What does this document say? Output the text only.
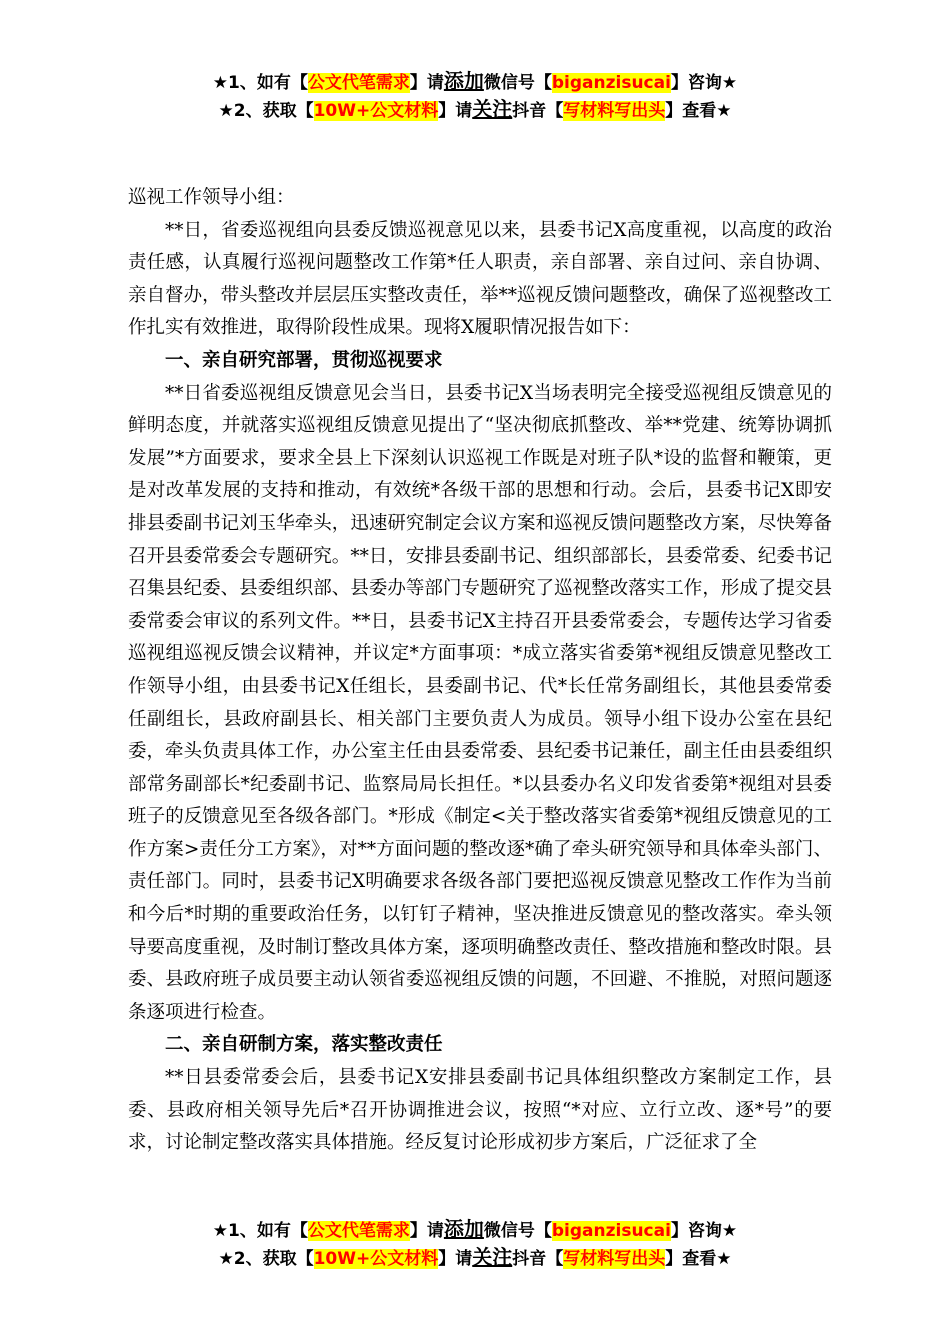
★1、如有【公文代笔需求】请添加微信号【biganzisucai】咨询★
★2、获取【10W+公文材料】请关注抖音【写材料写出头】查看★

巡视工作领导小组：

**日，省委巡视组向县委反馈巡视意见以来，县委书记X高度重视，以高度的政治责任感，认真履行巡视问题整改工作第*任人职责，亲自部署、亲自过问、亲自协调、亲自督办，带头整改并层层压实整改责任，举**巡视反馈问题整改，确保了巡视整改工作扎实有效推进，取得阶段性成果。现将X履职情况报告如下：

一、亲自研究部署，贯彻巡视要求

**日省委巡视组反馈意见会当日，县委书记X当场表明完全接受巡视组反馈意见的鲜明态度，并就落实巡视组反馈意见提出了“坚决彻底抓整改、举**党建、统筹协调抓发展”*方面要求，要求全县上下深刻认识巡视工作既是对班子队*设的监督和鞭策，更是对改革发展的支持和推动，有效统*各级干部的思想和行动。会后，县委书记X即安排县委副书记刘玉华牵头，迅速研究制定会议方案和巡视反馈问题整改方案，尽快筹备召开县委常委会专题研究。**日，安排县委副书记、组织部部长，县委常委、纪委书记召集县纪委、县委组织部、县委办等部门专题研究了巡视整改落实工作，形成了提交县委常委会审议的系列文件。**日，县委书记X主持召开县委常委会，专题传达学习省委巡视组巡视反馈会议精神，并议定*方面事项：*成立落实省委第*视组反馈意见整改工作领导小组，由县委书记X任组长，县委副书记、代*长任常务副组长，其他县委常委任副组长，县政府副县长、相关部门主要负责人为成员。领导小组下设办公室在县纪委，牵头负责具体工作，办公室主任由县委常委、县纪委书记兼任，副主任由县委组织部常务副部长*纪委副书记、监察局局长担任。*以县委办名义印发省委第*视组对县委班子的反馈意见至各级各部门。*形成《制定<关于整改落实省委第*视组反馈意见的工作方案>责任分工方案》，对**方面问题的整改逐*确了牵头研究领导和具体牵头部门、责任部门。同时，县委书记X明确要求各级各部门要把巡视反馈意见整改工作作为当前和今后*时期的重要政治任务，以钉钉子精神，坚决推进反馈意见的整改落实。牵头领导要高度重视，及时制订整改具体方案，逐项明确整改责任、整改措施和整改时限。县委、县政府班子成员要主动认领省委巡视组反馈的问题，不回避、不推脱，对照问题逐条逐项进行检查。

二、亲自研制方案，落实整改责任

**日县委常委会后，县委书记X安排县委副书记具体组织整改方案制定工作，县委、县政府相关领导先后*召开协调推进会议，按照“*对应、立行立改、逐*号”的要求，讨论制定整改落实具体措施。经反复讨论形成初步方案后，广泛征求了全

★1、如有【公文代笔需求】请添加微信号【biganzisucai】咨询★
★2、获取【10W+公文材料】请关注抖音【写材料写出头】查看★
